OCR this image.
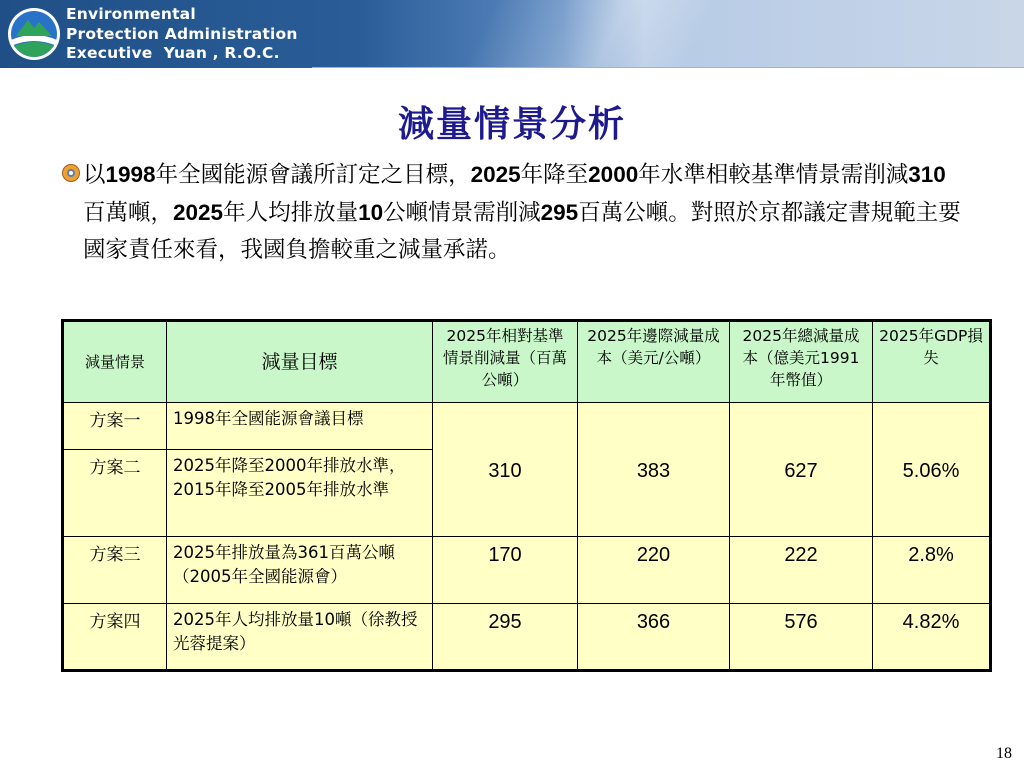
Environmental
Protection Administration
Executive  Yuan , R.O.C.
減量情景分析
以1998年全國能源會議所訂定之目標，2025年降至2000年水準相較基準情景需削減310百萬噸，2025年人均排放量10公噸情景需削減295百萬公噸。對照於京都議定書規範主要國家責任來看，我國負擔較重之減量承諾。
減量情景	減量目標	2025年相對基準情景削減量（百萬公噸）	2025年邊際減量成本（美元/公噸）	2025年總減量成本（億美元1991年幣值）	2025年GDP損失
方案一	1998年全國能源會議目標	310	383	627	5.06%
方案二	2025年降至2000年排放水準，2015年降至2005年排放水準				
方案三	2025年排放量為361百萬公噸（2005年全國能源會）	170	220	222	2.8%
方案四	2025年人均排放量10噸（徐教授光蓉提案）	295	366	576	4.82%
18
